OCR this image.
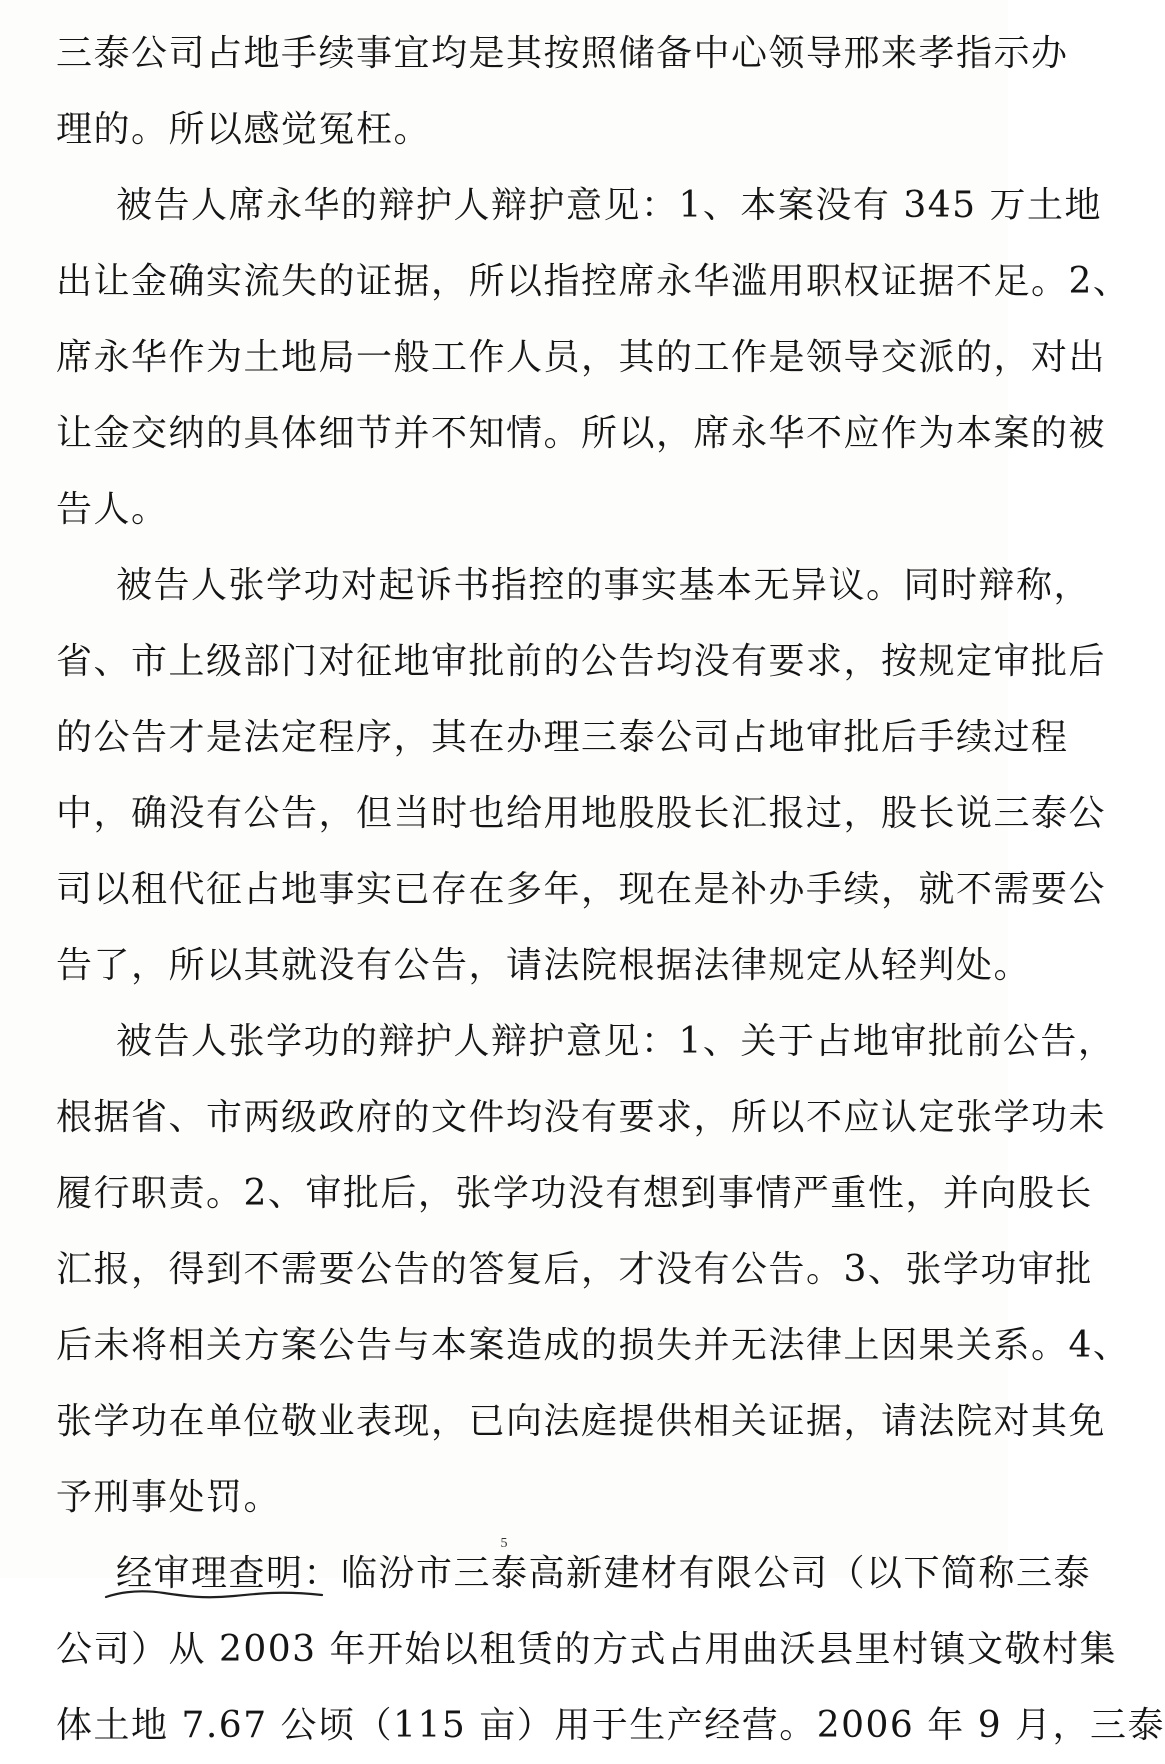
三泰公司占地手续事宜均是其按照储备中心领导邢来孝指示办
理的。所以感觉冤枉。
被告人席永华的辩护人辩护意见：1、本案没有 345 万土地
出让金确实流失的证据，所以指控席永华滥用职权证据不足。2、
席永华作为土地局一般工作人员，其的工作是领导交派的，对出
让金交纳的具体细节并不知情。所以，席永华不应作为本案的被
告人。
被告人张学功对起诉书指控的事实基本无异议。同时辩称，
省、市上级部门对征地审批前的公告均没有要求，按规定审批后
的公告才是法定程序，其在办理三泰公司占地审批后手续过程
中，确没有公告，但当时也给用地股股长汇报过，股长说三泰公
司以租代征占地事实已存在多年，现在是补办手续，就不需要公
告了，所以其就没有公告，请法院根据法律规定从轻判处。
被告人张学功的辩护人辩护意见：1、关于占地审批前公告，
根据省、市两级政府的文件均没有要求，所以不应认定张学功未
履行职责。2、审批后，张学功没有想到事情严重性，并向股长
汇报，得到不需要公告的答复后，才没有公告。3、张学功审批
后未将相关方案公告与本案造成的损失并无法律上因果关系。4、
张学功在单位敬业表现，已向法庭提供相关证据，请法院对其免
予刑事处罚。
经审理查明：
临汾市三泰高新建材有限公司（以下简称三泰
公司）从 2003 年开始以租赁的方式占用曲沃县里村镇文敬村集
体土地 7.67 公顷（115 亩）用于生产经营。2006 年 9 月，三泰
5
